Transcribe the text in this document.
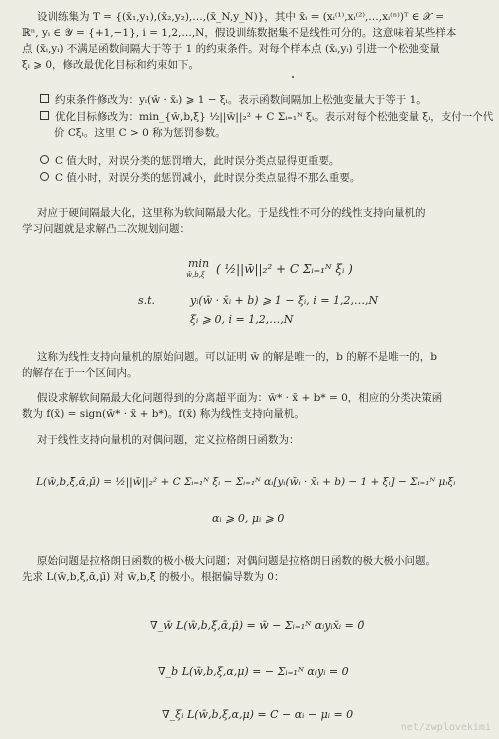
设训练集为 T = {(x̄₁,y₁),(x̄₂,y₂),…,(x̄_N,y_N)}，其中 x̄ᵢ = (xᵢ⁽¹⁾,xᵢ⁽²⁾,…,xᵢ⁽ⁿ⁾)ᵀ ∈ 𝒳 =
ℝⁿ, yᵢ ∈ 𝒴 = {+1,−1}, i = 1,2,…,N，假设训练数据集不是线性可分的。这意味着某些样本
点 (x̄ᵢ,yᵢ) 不满足函数间隔大于等于 1 的约束条件。对每个样本点 (x̄ᵢ,yᵢ) 引进一个松弛变量
ξᵢ ⩾ 0，修改最优化目标和约束如下。
约束条件修改为：yᵢ(w̄ · x̄ᵢ) ⩾ 1 − ξᵢ。表示函数间隔加上松弛变量大于等于 1。
优化目标修改为：min_{w̄,b,ξ} ½||w̄||₂² + C Σᵢ₌₁ᴺ ξᵢ。表示对每个松弛变量 ξᵢ，支付一个代
价 Cξᵢ。这里 C > 0 称为惩罚参数。
C 值大时，对误分类的惩罚增大，此时误分类点显得更重要。
C 值小时，对误分类的惩罚减小，此时误分类点显得不那么重要。
对应于硬间隔最大化，这里称为软间隔最大化。于是线性不可分的线性支持向量机的
学习问题就是求解凸二次规划问题：
min
w̄,b,ξ ( ½||w̄||₂² + C Σᵢ₌₁ᴺ ξᵢ )
s.t.	yᵢ(w̄ · x̄ᵢ + b) ⩾ 1 − ξᵢ, i = 1,2,…,N
ξᵢ ⩾ 0, i = 1,2,…,N
这称为线性支持向量机的原始问题。可以证明 w̄ 的解是唯一的，b 的解不是唯一的，b
的解存在于一个区间内。
假设求解软间隔最大化问题得到的分离超平面为：w̄* · x̄ + b* = 0，相应的分类决策函
数为 f(x̄) = sign(w̄* · x̄ + b*)。f(x̄) 称为线性支持向量机。
对于线性支持向量机的对偶问题，定义拉格朗日函数为：
L(w̄,b,ξ̄,ᾱ,μ̄) = ½||w̄||₂² + C Σᵢ₌₁ᴺ ξᵢ − Σᵢ₌₁ᴺ αᵢ[yᵢ(w̄ᵢ · x̄ᵢ + b) − 1 + ξᵢ] − Σᵢ₌₁ᴺ μᵢξᵢ
αᵢ ⩾ 0, μᵢ ⩾ 0
原始问题是拉格朗日函数的极小极大问题；对偶问题是拉格朗日函数的极大极小问题。
先求 L(w̄,b,ξ̄,ᾱ,μ̄) 对 w̄,b,ξ̄ 的极小。根据偏导数为 0：
∇_w̄ L(w̄,b,ξ̄,ᾱ,μ̄) = w̄ − Σᵢ₌₁ᴺ αᵢyᵢx̄ᵢ = 0̄
∇_b L(w̄,b,ξ,α,μ) = − Σᵢ₌₁ᴺ αᵢyᵢ = 0
∇_ξᵢ L(w̄,b,ξ,α,μ) = C − αᵢ − μᵢ = 0
net/zwplovekimi
